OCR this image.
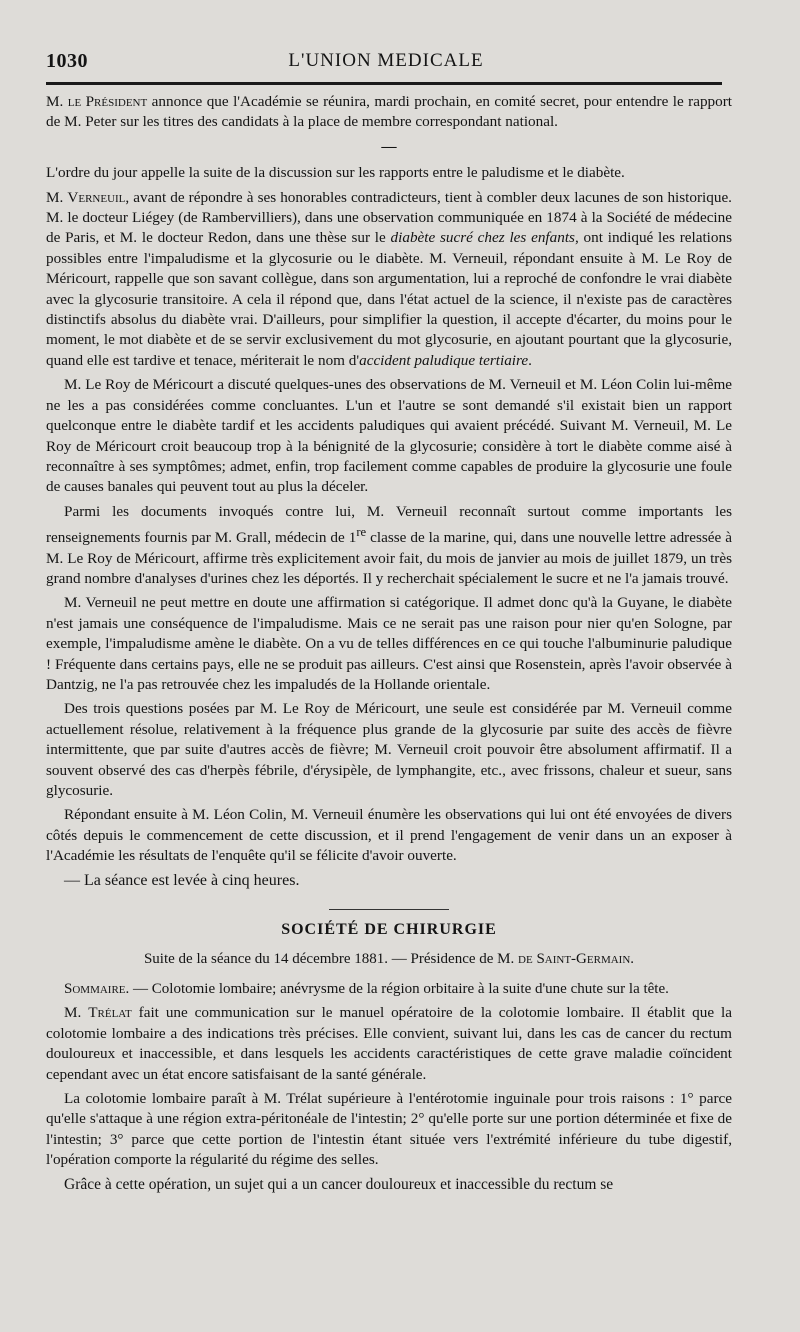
1030	L'UNION MEDICALE

M. le Président annonce que l'Académie se réunira, mardi prochain, en comité secret, pour entendre le rapport de M. Peter sur les titres des candidats à la place de membre correspondant national.

—

L'ordre du jour appelle la suite de la discussion sur les rapports entre le paludisme et le diabète.

M. Verneuil, avant de répondre à ses honorables contradicteurs, tient à combler deux lacunes de son historique. M. le docteur Liégey (de Rambervilliers), dans une observation communiquée en 1874 à la Société de médecine de Paris, et M. le docteur Redon, dans une thèse sur le diabète sucré chez les enfants, ont indiqué les relations possibles entre l'impaludisme et la glycosurie ou le diabète. M. Verneuil, répondant ensuite à M. Le Roy de Méricourt, rappelle que son savant collègue, dans son argumentation, lui a reproché de confondre le vrai diabète avec la glycosurie transitoire. A cela il répond que, dans l'état actuel de la science, il n'existe pas de caractères distinctifs absolus du diabète vrai. D'ailleurs, pour simplifier la question, il accepte d'écarter, du moins pour le moment, le mot diabète et de se servir exclusivement du mot glycosurie, en ajoutant pourtant que la glycosurie, quand elle est tardive et tenace, mériterait le nom d'accident paludique tertiaire.

M. Le Roy de Méricourt a discuté quelques-unes des observations de M. Verneuil et M. Léon Colin lui-même ne les a pas considérées comme concluantes. L'un et l'autre se sont demandé s'il existait bien un rapport quelconque entre le diabète tardif et les accidents paludiques qui avaient précédé. Suivant M. Verneuil, M. Le Roy de Méricourt croit beaucoup trop à la bénignité de la glycosurie; considère à tort le diabète comme aisé à reconnaître à ses symptômes; admet, enfin, trop facilement comme capables de produire la glycosurie une foule de causes banales qui peuvent tout au plus la déceler.

Parmi les documents invoqués contre lui, M. Verneuil reconnaît surtout comme importants les renseignements fournis par M. Grall, médecin de 1re classe de la marine, qui, dans une nouvelle lettre adressée à M. Le Roy de Méricourt, affirme très explicitement avoir fait, du mois de janvier au mois de juillet 1879, un très grand nombre d'analyses d'urines chez les déportés. Il y recherchait spécialement le sucre et ne l'a jamais trouvé.

M. Verneuil ne peut mettre en doute une affirmation si catégorique. Il admet donc qu'à la Guyane, le diabète n'est jamais une conséquence de l'impaludisme. Mais ce ne serait pas une raison pour nier qu'en Sologne, par exemple, l'impaludisme amène le diabète. On a vu de telles différences en ce qui touche l'albuminurie paludique ! Fréquente dans certains pays, elle ne se produit pas ailleurs. C'est ainsi que Rosenstein, après l'avoir observée à Dantzig, ne l'a pas retrouvée chez les impaludés de la Hollande orientale.

Des trois questions posées par M. Le Roy de Méricourt, une seule est considérée par M. Verneuil comme actuellement résolue, relativement à la fréquence plus grande de la glycosurie par suite des accès de fièvre intermittente, que par suite d'autres accès de fièvre; M. Verneuil croit pouvoir être absolument affirmatif. Il a souvent observé des cas d'herpès fébrile, d'érysipèle, de lymphangite, etc., avec frissons, chaleur et sueur, sans glycosurie.

Répondant ensuite à M. Léon Colin, M. Verneuil énumère les observations qui lui ont été envoyées de divers côtés depuis le commencement de cette discussion, et il prend l'engagement de venir dans un an exposer à l'Académie les résultats de l'enquête qu'il se félicite d'avoir ouverte.

— La séance est levée à cinq heures.

SOCIÉTÉ DE CHIRURGIE
Suite de la séance du 14 décembre 1881. — Présidence de M. de Saint-Germain.

Sommaire. — Colotomie lombaire; anévrysme de la région orbitaire à la suite d'une chute sur la tête.

M. Trélat fait une communication sur le manuel opératoire de la colotomie lombaire. Il établit que la colotomie lombaire a des indications très précises. Elle convient, suivant lui, dans les cas de cancer du rectum douloureux et inaccessible, et dans lesquels les accidents caractéristiques de cette grave maladie coïncident cependant avec un état encore satisfaisant de la santé générale.

La colotomie lombaire paraît à M. Trélat supérieure à l'entérotomie inguinale pour trois raisons : 1° parce qu'elle s'attaque à une région extra-péritonéale de l'intestin; 2° qu'elle porte sur une portion déterminée et fixe de l'intestin; 3° parce que cette portion de l'intestin étant située vers l'extrémité inférieure du tube digestif, l'opération comporte la régularité du régime des selles.

Grâce à cette opération, un sujet qui a un cancer douloureux et inaccessible du rectum se
